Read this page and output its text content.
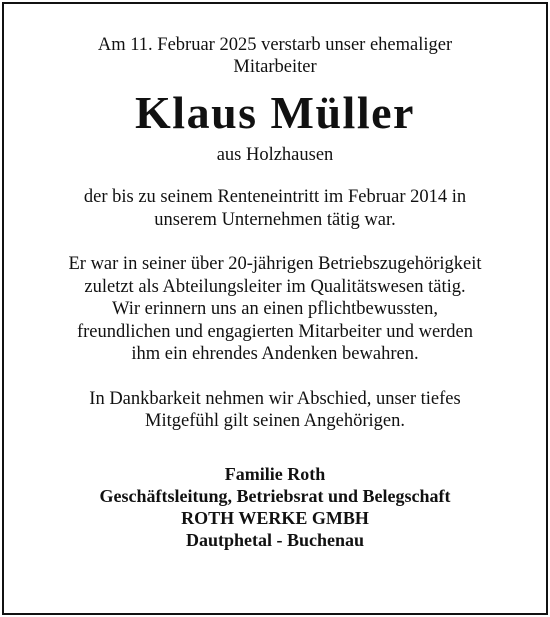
Am 11. Februar 2025 verstarb unser ehemaliger
Mitarbeiter
Klaus Müller
aus Holzhausen
der bis zu seinem Renteneintritt im Februar 2014 in
unserem Unternehmen tätig war.
Er war in seiner über 20-jährigen Betriebszugehörigkeit
zuletzt als Abteilungsleiter im Qualitätswesen tätig.
Wir erinnern uns an einen pflichtbewussten,
freundlichen und engagierten Mitarbeiter und werden
ihm ein ehrendes Andenken bewahren.
In Dankbarkeit nehmen wir Abschied, unser tiefes
Mitgefühl gilt seinen Angehörigen.
Familie Roth
Geschäftsleitung, Betriebsrat und Belegschaft
ROTH WERKE GMBH
Dautphetal - Buchenau
